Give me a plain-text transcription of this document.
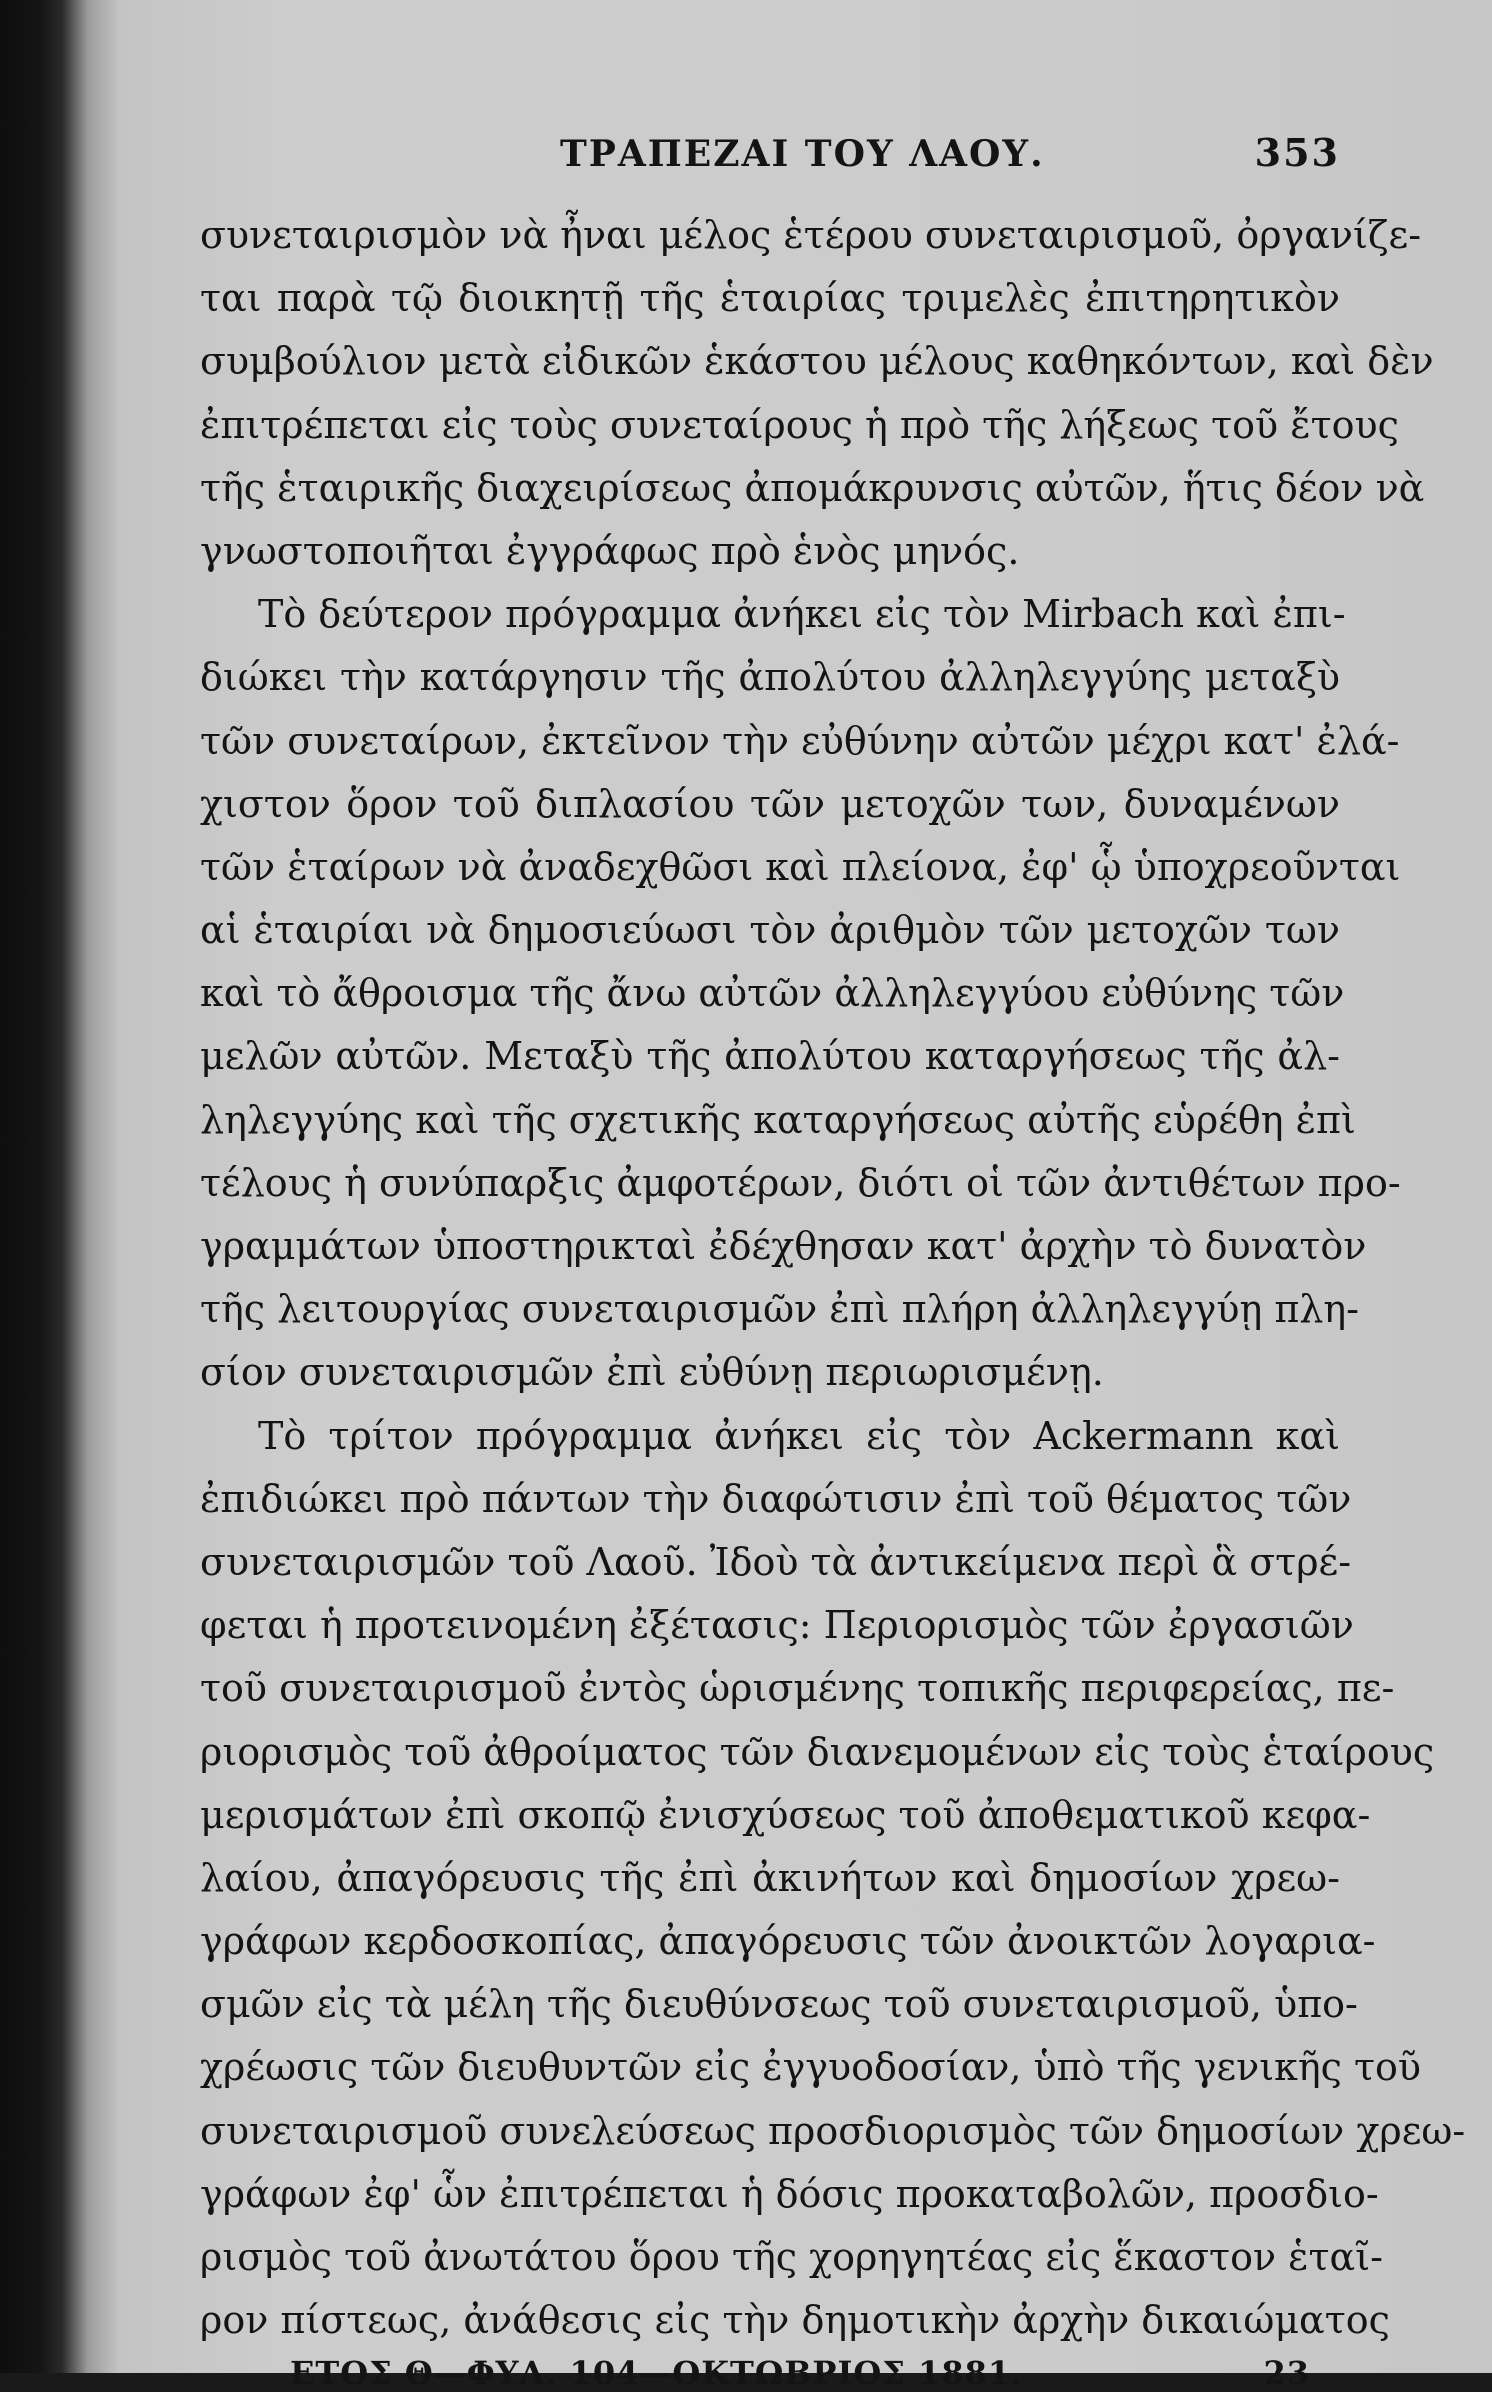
ΤΡΑΠΕΖΑΙ ΤΟΥ ΛΑΟΥ.	353
συνεταιρισμὸν νὰ ἦναι μέλος ἑτέρου συνεταιρισμοῦ, ὀργανίζε-
ται παρὰ τῷ διοικητῇ τῆς ἑταιρίας τριμελὲς ἐπιτηρητικὸν
συμβούλιον μετὰ εἰδικῶν ἑκάστου μέλους καθηκόντων, καὶ δὲν
ἐπιτρέπεται εἰς τοὺς συνεταίρους ἡ πρὸ τῆς λήξεως τοῦ ἔτους
τῆς ἑταιρικῆς διαχειρίσεως ἀπομάκρυνσις αὐτῶν, ἥτις δέον νὰ
γνωστοποιῆται ἐγγράφως πρὸ ἑνὸς μηνός.
Τὸ δεύτερον πρόγραμμα ἀνήκει εἰς τὸν Mirbach καὶ ἐπι-
διώκει τὴν κατάργησιν τῆς ἀπολύτου ἀλληλεγγύης μεταξὺ
τῶν συνεταίρων, ἐκτεῖνον τὴν εὐθύνην αὐτῶν μέχρι κατ' ἐλά-
χιστον ὅρον τοῦ διπλασίου τῶν μετοχῶν των, δυναμένων
τῶν ἑταίρων νὰ ἀναδεχθῶσι καὶ πλείονα, ἐφ' ᾧ ὑποχρεοῦνται
αἱ ἑταιρίαι νὰ δημοσιεύωσι τὸν ἀριθμὸν τῶν μετοχῶν των
καὶ τὸ ἄθροισμα τῆς ἄνω αὐτῶν ἀλληλεγγύου εὐθύνης τῶν
μελῶν αὐτῶν. Μεταξὺ τῆς ἀπολύτου καταργήσεως τῆς ἀλ-
ληλεγγύης καὶ τῆς σχετικῆς καταργήσεως αὐτῆς εὑρέθη ἐπὶ
τέλους ἡ συνύπαρξις ἀμφοτέρων, διότι οἱ τῶν ἀντιθέτων προ-
γραμμάτων ὑποστηρικταὶ ἐδέχθησαν κατ' ἀρχὴν τὸ δυνατὸν
τῆς λειτουργίας συνεταιρισμῶν ἐπὶ πλήρη ἀλληλεγγύῃ πλη-
σίον συνεταιρισμῶν ἐπὶ εὐθύνῃ περιωρισμένῃ.
Τὸ τρίτον πρόγραμμα ἀνήκει εἰς τὸν Ackermann καὶ
ἐπιδιώκει πρὸ πάντων τὴν διαφώτισιν ἐπὶ τοῦ θέματος τῶν
συνεταιρισμῶν τοῦ Λαοῦ. Ἰδοὺ τὰ ἀντικείμενα περὶ ἃ στρέ-
φεται ἡ προτεινομένη ἐξέτασις: Περιορισμὸς τῶν ἐργασιῶν
τοῦ συνεταιρισμοῦ ἐντὸς ὡρισμένης τοπικῆς περιφερείας, πε-
ριορισμὸς τοῦ ἀθροίματος τῶν διανεμομένων εἰς τοὺς ἑταίρους
μερισμάτων ἐπὶ σκοπῷ ἐνισχύσεως τοῦ ἀποθεματικοῦ κεφα-
λαίου, ἀπαγόρευσις τῆς ἐπὶ ἀκινήτων καὶ δημοσίων χρεω-
γράφων κερδοσκοπίας, ἀπαγόρευσις τῶν ἀνοικτῶν λογαρια-
σμῶν εἰς τὰ μέλη τῆς διευθύνσεως τοῦ συνεταιρισμοῦ, ὑπο-
χρέωσις τῶν διευθυντῶν εἰς ἐγγυοδοσίαν, ὑπὸ τῆς γενικῆς τοῦ
συνεταιρισμοῦ συνελεύσεως προσδιορισμὸς τῶν δημοσίων χρεω-
γράφων ἐφ' ὧν ἐπιτρέπεται ἡ δόσις προκαταβολῶν, προσδιο-
ρισμὸς τοῦ ἀνωτάτου ὅρου τῆς χορηγητέας εἰς ἕκαστον ἑταῖ-
ρον πίστεως, ἀνάθεσις εἰς τὴν δημοτικὴν ἀρχὴν δικαιώματος
ΕΤΟΣ Θ—ΦΥΛ. 104—ΟΚΤΩΒΡΙΟΣ 1881.	23
